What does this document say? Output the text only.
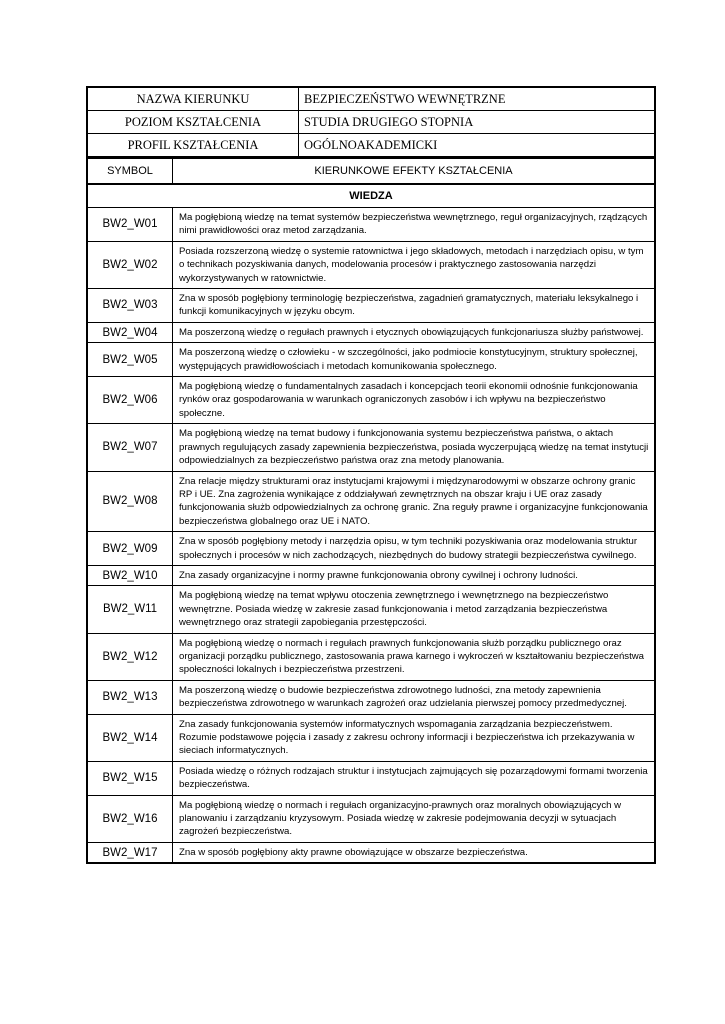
NAZWA KIERUNKU	BEZPIECZEŃSTWO WEWNĘTRZNE
POZIOM KSZTAŁCENIA	STUDIA DRUGIEGO STOPNIA
PROFIL KSZTAŁCENIA	OGÓLNOAKADEMICKI
SYMBOL	KIERUNKOWE EFEKTY KSZTAŁCENIA
WIEDZA	
BW2_W01	Ma pogłębioną wiedzę na temat systemów bezpieczeństwa wewnętrznego, reguł organizacyjnych, rządzących nimi prawidłowości oraz metod zarządzania.
BW2_W02	Posiada rozszerzoną wiedzę o systemie ratownictwa i jego składowych, metodach i narzędziach opisu, w tym o technikach pozyskiwania danych, modelowania procesów i praktycznego zastosowania narzędzi wykorzystywanych w ratownictwie.
BW2_W03	Zna w sposób pogłębiony terminologię bezpieczeństwa, zagadnień gramatycznych, materiału leksykalnego i funkcji komunikacyjnych w języku obcym.
BW2_W04	Ma poszerzoną wiedzę o regułach prawnych i etycznych obowiązujących funkcjonariusza służby państwowej.
BW2_W05	Ma poszerzoną wiedzę o człowieku - w szczególności, jako podmiocie konstytucyjnym, struktury społecznej, występujących prawidłowościach i metodach komunikowania społecznego.
BW2_W06	Ma pogłębioną wiedzę o fundamentalnych zasadach i koncepcjach teorii ekonomii odnośnie funkcjonowania rynków oraz gospodarowania w warunkach ograniczonych zasobów i ich wpływu na bezpieczeństwo społeczne.
BW2_W07	Ma pogłębioną wiedzę na temat budowy i funkcjonowania systemu bezpieczeństwa państwa, o aktach prawnych regulujących zasady zapewnienia bezpieczeństwa, posiada wyczerpującą wiedzę na temat instytucji odpowiedzialnych za bezpieczeństwo państwa oraz zna metody planowania.
BW2_W08	Zna relacje między strukturami oraz instytucjami krajowymi i międzynarodowymi w obszarze ochrony granic RP i UE. Zna zagrożenia wynikające z oddziaływań zewnętrznych na obszar kraju i UE oraz zasady funkcjonowania służb odpowiedzialnych za ochronę granic. Zna reguły prawne i organizacyjne funkcjonowania bezpieczeństwa globalnego oraz UE i NATO.
BW2_W09	Zna w sposób pogłębiony metody i narzędzia opisu, w tym techniki pozyskiwania oraz modelowania struktur społecznych i procesów w nich zachodzących, niezbędnych do budowy strategii bezpieczeństwa cywilnego.
BW2_W10	Zna zasady organizacyjne i normy prawne funkcjonowania obrony cywilnej i ochrony ludności.
BW2_W11	Ma pogłębioną wiedzę na temat wpływu otoczenia zewnętrznego i wewnętrznego na bezpieczeństwo wewnętrzne. Posiada wiedzę w zakresie zasad funkcjonowania i metod zarządzania bezpieczeństwa wewnętrznego oraz strategii zapobiegania przestępczości.
BW2_W12	Ma pogłębioną wiedzę o normach i regułach prawnych funkcjonowania służb porządku publicznego oraz organizacji porządku publicznego, zastosowania prawa karnego i wykroczeń w kształtowaniu bezpieczeństwa społeczności lokalnych i bezpieczeństwa przestrzeni.
BW2_W13	Ma poszerzoną wiedzę o budowie bezpieczeństwa zdrowotnego ludności, zna metody zapewnienia bezpieczeństwa zdrowotnego w warunkach zagrożeń oraz udzielania pierwszej pomocy przedmedycznej.
BW2_W14	Zna zasady funkcjonowania systemów informatycznych wspomagania zarządzania bezpieczeństwem. Rozumie podstawowe pojęcia i zasady z zakresu ochrony informacji i bezpieczeństwa ich przekazywania w sieciach informatycznych.
BW2_W15	Posiada wiedzę o różnych rodzajach struktur i instytucjach zajmujących się pozarządowymi formami tworzenia bezpieczeństwa.
BW2_W16	Ma pogłębioną wiedzę o normach i regułach organizacyjno-prawnych oraz moralnych obowiązujących w planowaniu i zarządzaniu kryzysowym. Posiada wiedzę w zakresie podejmowania decyzji w sytuacjach zagrożeń bezpieczeństwa.
BW2_W17	Zna w sposób pogłębiony akty prawne obowiązujące w obszarze bezpieczeństwa.
